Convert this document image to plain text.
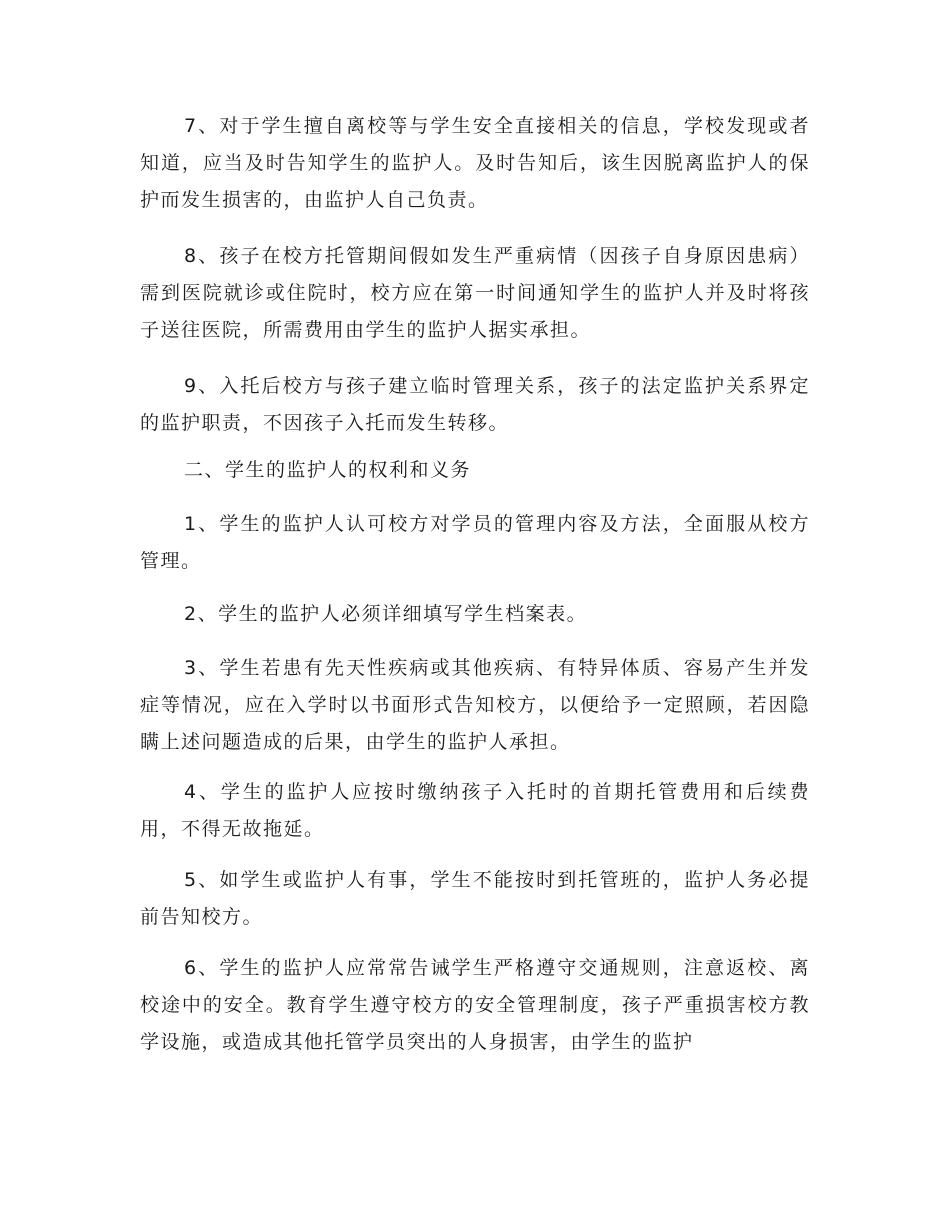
7、对于学生擅自离校等与学生安全直接相关的信息，学校发现或者知道，应当及时告知学生的监护人。及时告知后，该生因脱离监护人的保护而发生损害的，由监护人自己负责。

8、孩子在校方托管期间假如发生严重病情（因孩子自身原因患病）需到医院就诊或住院时，校方应在第一时间通知学生的监护人并及时将孩子送往医院，所需费用由学生的监护人据实承担。

9、入托后校方与孩子建立临时管理关系，孩子的法定监护关系界定的监护职责，不因孩子入托而发生转移。

二、学生的监护人的权利和义务

1、学生的监护人认可校方对学员的管理内容及方法，全面服从校方管理。

2、学生的监护人必须详细填写学生档案表。

3、学生若患有先天性疾病或其他疾病、有特异体质、容易产生并发症等情况，应在入学时以书面形式告知校方，以便给予一定照顾，若因隐瞒上述问题造成的后果，由学生的监护人承担。

4、学生的监护人应按时缴纳孩子入托时的首期托管费用和后续费用，不得无故拖延。

5、如学生或监护人有事，学生不能按时到托管班的，监护人务必提前告知校方。

6、学生的监护人应常常告诫学生严格遵守交通规则，注意返校、离校途中的安全。教育学生遵守校方的安全管理制度，孩子严重损害校方教学设施，或造成其他托管学员突出的人身损害，由学生的监护
